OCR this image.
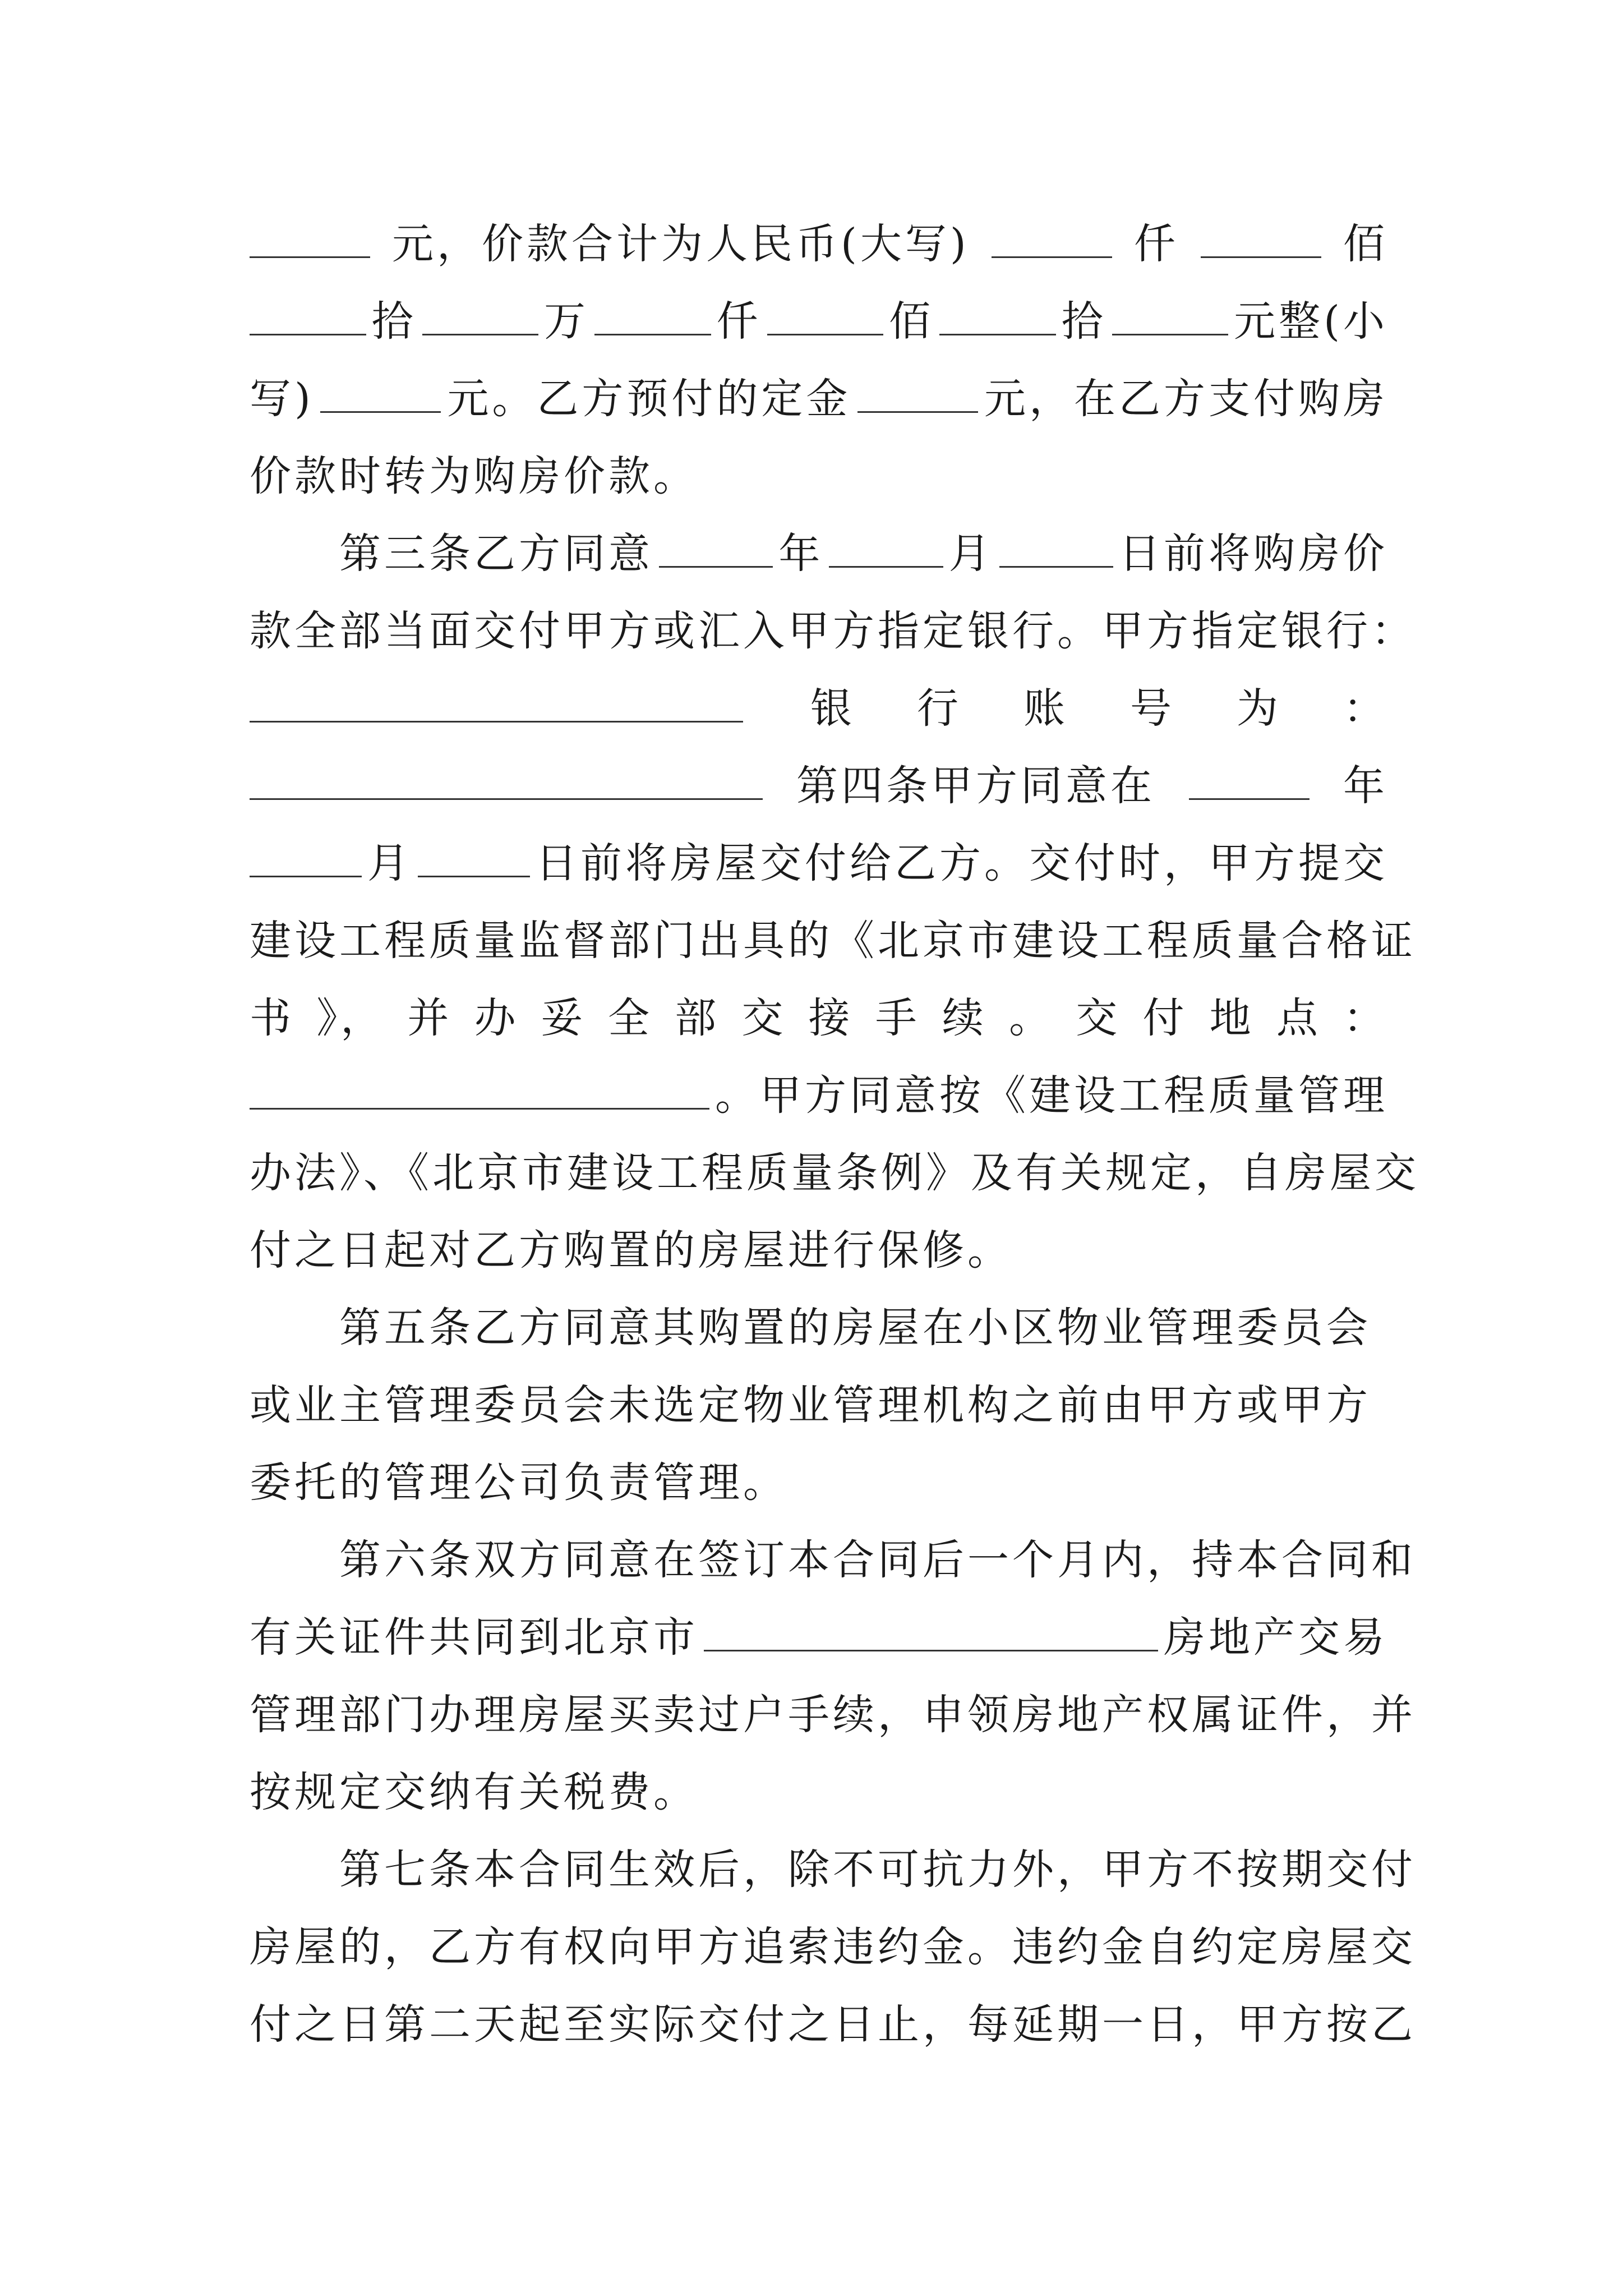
元，价款合计为人民币(大写)	仟	佰
拾	万	仟	佰	拾	元整(小
写)	元。乙方预付的定金	元，在乙方支付购房
价款时转为购房价款。
第三条乙方同意	年	月	日前将购房价
款全部当面交付甲方或汇入甲方指定银行。甲方指定银行：
银 行 账 号 为 ：
第四条甲方同意在	年
月	日前将房屋交付给乙方。交付时，甲方提交
建设工程质量监督部门出具的《北京市建设工程质量合格证
书 》， 并 办 妥 全 部 交 接 手 续 。 交 付 地 点 ：
。甲方同意按《建设工程质量管理
办法》、《北京市建设工程质量条例》及有关规定，自房屋交
付之日起对乙方购置的房屋进行保修。
第五条乙方同意其购置的房屋在小区物业管理委员会
或业主管理委员会未选定物业管理机构之前由甲方或甲方
委托的管理公司负责管理。
第六条双方同意在签订本合同后一个月内，持本合同和
有关证件共同到北京市	房地产交易
管理部门办理房屋买卖过户手续，申领房地产权属证件，并
按规定交纳有关税费。
第七条本合同生效后，除不可抗力外，甲方不按期交付
房屋的，乙方有权向甲方追索违约金。违约金自约定房屋交
付之日第二天起至实际交付之日止，每延期一日，甲方按乙
